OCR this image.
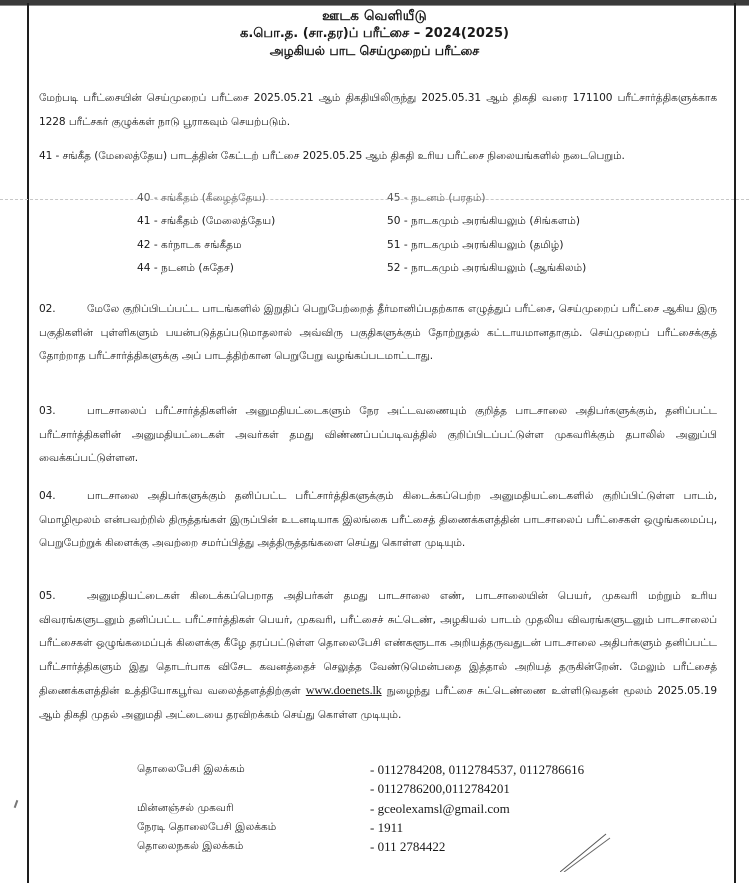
ஊடக வெளியீடு
க.பொ.த. (சா.தர)ப் பரீட்சை – 2024(2025)
அழகியல் பாட செய்முறைப் பரீட்சை
மேற்படி பரீட்சையின் செய்முறைப் பரீட்சை 2025.05.21 ஆம் திகதியிலிருந்து 2025.05.31 ஆம் திகதி வரை 171100 பரீட்சார்த்திகளுக்காக 1228 பரீட்சகர் குழுக்கள் நாடு பூராகவும் செயற்படும்.
41 - சங்கீத (மேலைத்தேய) பாடத்தின் கேட்டற் பரீட்சை 2025.05.25 ஆம் திகதி உரிய பரீட்சை நிலையங்களில் நடைபெறும்.
40 - சங்கீதம் (கீழைத்தேய)	45 - நடனம் (பரதம்)
41 - சங்கீதம் (மேலைத்தேய)	50 - நாடகமும் அரங்கியலும் (சிங்களம்)
42 - கர்நாடக சங்கீதம	51 - நாடகமும் அரங்கியலும் (தமிழ்)
44 - நடனம் (சுதேச)	52 - நாடகமும் அரங்கியலும் (ஆங்கிலம்)
02.	மேலே குறிப்பிடப்பட்ட பாடங்களில் இறுதிப் பெறுபேற்றைத் தீர்மானிப்பதற்காக எழுத்துப் பரீட்சை, செய்முறைப் பரீட்சை ஆகிய இரு பகுதிகளின் புள்ளிகளும் பயன்படுத்தப்படுமாதலால் அவ்விரு பகுதிகளுக்கும் தோற்றுதல் கட்டாயமானதாகும். செய்முறைப் பரீட்சைக்குத் தோற்றாத பரீட்சார்த்திகளுக்கு அப் பாடத்திற்கான பெறுபேறு வழங்கப்படமாட்டாது.
03.	பாடசாலைப் பரீட்சார்த்திகளின் அனுமதியட்டைகளும் நேர அட்டவணையும் குறித்த பாடசாலை அதிபர்களுக்கும், தனிப்பட்ட பரீட்சார்த்திகளின் அனுமதியட்டைகள் அவர்கள் தமது விண்ணப்பப்படிவத்தில் குறிப்பிடப்பட்டுள்ள முகவரிக்கும் தபாலில் அனுப்பி வைக்கப்பட்டுள்ளன.
04.	பாடசாலை அதிபர்களுக்கும் தனிப்பட்ட பரீட்சார்த்திகளுக்கும் கிடைக்கப்பெற்ற அனுமதியட்டைகளில் குறிப்பிட்டுள்ள பாடம், மொழிமூலம் என்பவற்றில் திருத்தங்கள் இருப்பின் உடனடியாக இலங்கை பரீட்சைத் திணைக்களத்தின் பாடசாலைப் பரீட்சைகள் ஒழுங்கமைப்பு, பெறுபேற்றுக் கிளைக்கு அவற்றை சமர்ப்பித்து அத்திருத்தங்களை செய்து கொள்ள முடியும்.
05.	அனுமதியட்டைகள் கிடைக்கப்பெறாத அதிபர்கள் தமது பாடசாலை எண், பாடசாலையின் பெயர், முகவரி மற்றும் உரிய விவரங்களுடனும் தனிப்பட்ட பரீட்சார்த்திகள் பெயர், முகவரி, பரீட்சைச் சுட்டெண், அழகியல் பாடம் முதலிய விவரங்களுடனும் பாடசாலைப் பரீட்சைகள் ஒழுங்கமைப்புக் கிளைக்கு கீழே தரப்பட்டுள்ள தொலைபேசி எண்களூடாக அறியத்தருவதுடன் பாடசாலை அதிபர்களும் தனிப்பட்ட பரீட்சார்த்திகளும் இது தொடர்பாக விசேட கவனத்தைச் செலுத்த வேண்டுமென்பதை இத்தால் அறியத் தருகின்றேன். மேலும் பரீட்சைத் திணைக்களத்தின் உத்தியோகபூர்வ வலைத்தளத்திற்குள் www.doenets.lk நுழைந்து பரீட்சை சுட்டெண்ணை உள்ளிடுவதன் மூலம் 2025.05.19 ஆம் திகதி முதல் அனுமதி அட்டையை தரவிறக்கம் செய்து கொள்ள முடியும்.
தொலைபேசி இலக்கம்	- 0112784208, 0112784537, 0112786616
- 0112786200,0112784201
மின்னஞ்சல் முகவரி	- gceolexamsl@gmail.com
நேரடி தொலைபேசி இலக்கம்	- 1911
தொலைநகல் இலக்கம்	- 011 2784422
